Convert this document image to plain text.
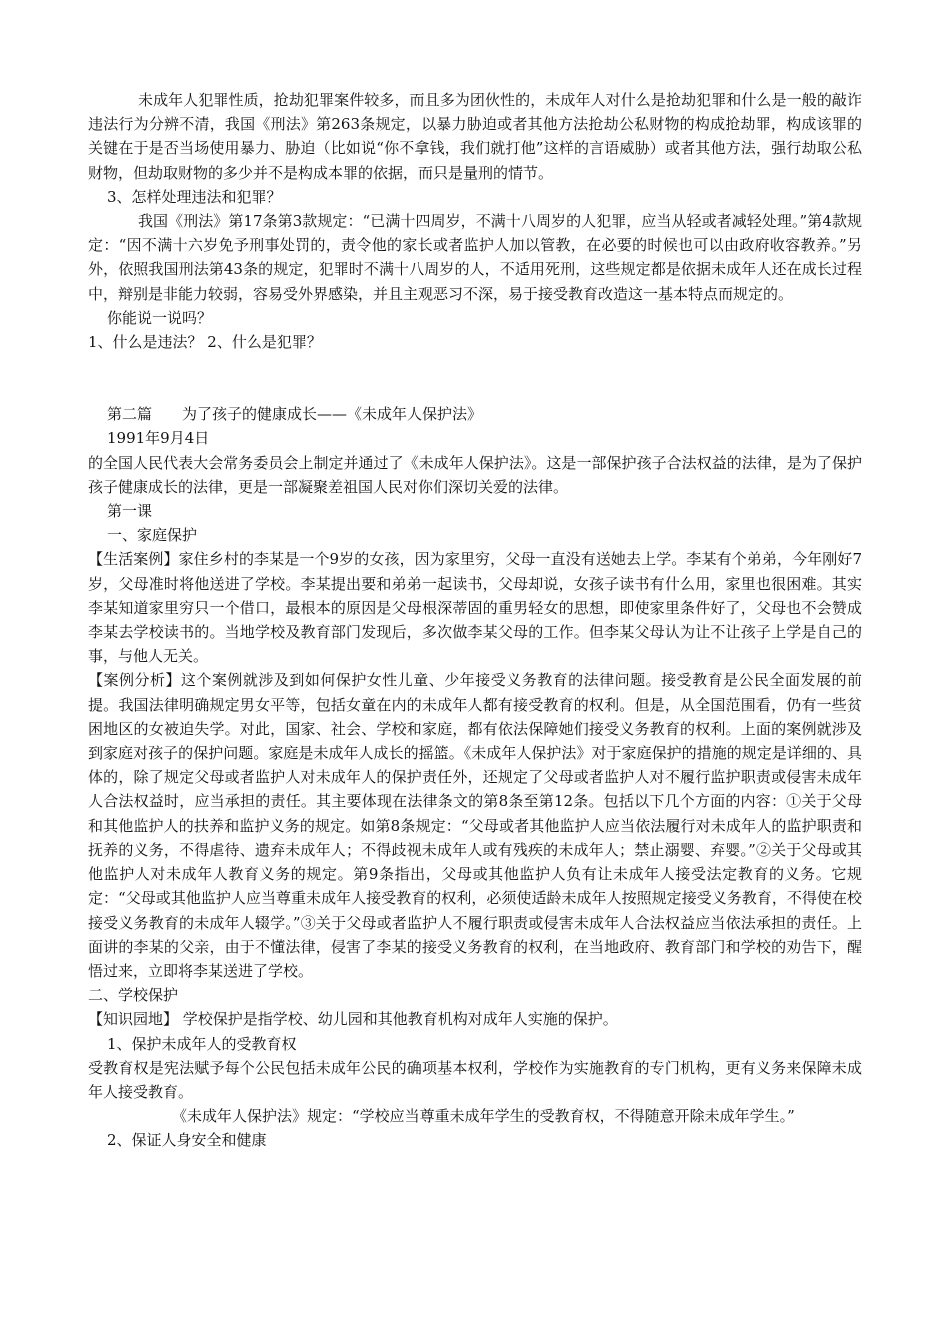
未成年人犯罪性质，抢劫犯罪案件较多，而且多为团伙性的，未成年人对什么是抢劫犯罪和什么是一般的敲诈违法行为分辨不清，我国《刑法》第263条规定，以暴力胁迫或者其他方法抢劫公私财物的构成抢劫罪，构成该罪的关键在于是否当场使用暴力、胁迫（比如说“你不拿钱，我们就打他”这样的言语威胁）或者其他方法，强行劫取公私财物，但劫取财物的多少并不是构成本罪的依据，而只是量刑的情节。

3、怎样处理违法和犯罪？

我国《刑法》第17条第3款规定：“已满十四周岁，不满十八周岁的人犯罪，应当从轻或者减轻处理。”第4款规定：“因不满十六岁免予刑事处罚的，责令他的家长或者监护人加以管教，在必要的时候也可以由政府收容教养。”另外，依照我国刑法第43条的规定，犯罪时不满十八周岁的人，不适用死刑，这些规定都是依据未成年人还在成长过程中，辩别是非能力较弱，容易受外界感染，并且主观恶习不深，易于接受教育改造这一基本特点而规定的。

你能说一说吗？

1、什么是违法？ 2、什么是犯罪？

第二篇　　为了孩子的健康成长——《未成年人保护法》

1991年9月4日

的全国人民代表大会常务委员会上制定并通过了《未成年人保护法》。这是一部保护孩子合法权益的法律，是为了保护孩子健康成长的法律，更是一部凝聚差祖国人民对你们深切关爱的法律。

第一课

一、家庭保护

【生活案例】家住乡村的李某是一个9岁的女孩，因为家里穷，父母一直没有送她去上学。李某有个弟弟，今年刚好7岁，父母准时将他送进了学校。李某提出要和弟弟一起读书，父母却说，女孩子读书有什么用，家里也很困难。其实李某知道家里穷只一个借口，最根本的原因是父母根深蒂固的重男轻女的思想，即使家里条件好了，父母也不会赞成李某去学校读书的。当地学校及教育部门发现后，多次做李某父母的工作。但李某父母认为让不让孩子上学是自己的事，与他人无关。

【案例分析】这个案例就涉及到如何保护女性儿童、少年接受义务教育的法律问题。接受教育是公民全面发展的前提。我国法律明确规定男女平等，包括女童在内的未成年人都有接受教育的权利。但是，从全国范围看，仍有一些贫困地区的女被迫失学。对此，国家、社会、学校和家庭，都有依法保障她们接受义务教育的权利。上面的案例就涉及到家庭对孩子的保护问题。家庭是未成年人成长的摇篮。《未成年人保护法》对于家庭保护的措施的规定是详细的、具体的，除了规定父母或者监护人对未成年人的保护责任外，还规定了父母或者监护人对不履行监护职责或侵害未成年人合法权益时，应当承担的责任。其主要体现在法律条文的第8条至第12条。包括以下几个方面的内容：①关于父母和其他监护人的扶养和监护义务的规定。如第8条规定：“父母或者其他监护人应当依法履行对未成年人的监护职责和抚养的义务，不得虐待、遗弃未成年人；不得歧视未成年人或有残疾的未成年人；禁止溺婴、弃婴。”②关于父母或其他监护人对未成年人教育义务的规定。第9条指出，父母或其他监护人负有让未成年人接受法定教育的义务。它规定：“父母或其他监护人应当尊重未成年人接受教育的权利，必须使适龄未成年人按照规定接受义务教育，不得使在校接受义务教育的未成年人辍学。”③关于父母或者监护人不履行职责或侵害未成年人合法权益应当依法承担的责任。上面讲的李某的父亲，由于不懂法律，侵害了李某的接受义务教育的权利，在当地政府、教育部门和学校的劝告下，醒悟过来，立即将李某送进了学校。

二、学校保护

【知识园地】 学校保护是指学校、幼儿园和其他教育机构对成年人实施的保护。

1、保护未成年人的受教育权

受教育权是宪法赋予每个公民包括未成年公民的确项基本权利，学校作为实施教育的专门机构，更有义务来保障未成年人接受教育。

《未成年人保护法》规定：“学校应当尊重未成年学生的受教育权，不得随意开除未成年学生。”

2、保证人身安全和健康
